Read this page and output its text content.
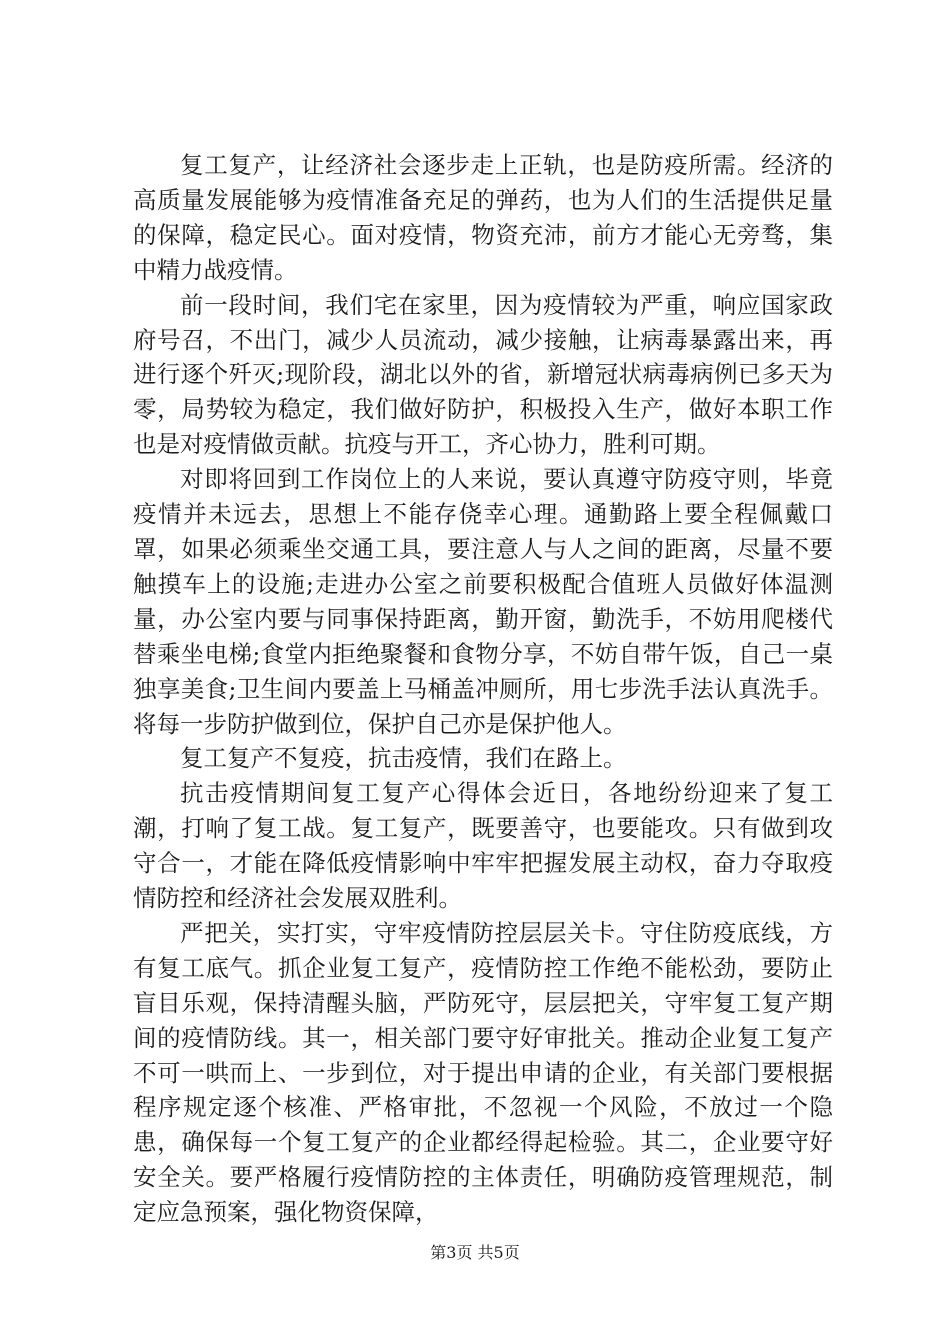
复工复产，让经济社会逐步走上正轨，也是防疫所需。经济的高质量发展能够为疫情准备充足的弹药，也为人们的生活提供足量的保障，稳定民心。面对疫情，物资充沛，前方才能心无旁骛，集中精力战疫情。

前一段时间，我们宅在家里，因为疫情较为严重，响应国家政府号召，不出门，减少人员流动，减少接触，让病毒暴露出来，再进行逐个歼灭;现阶段，湖北以外的省，新增冠状病毒病例已多天为零，局势较为稳定，我们做好防护，积极投入生产，做好本职工作也是对疫情做贡献。抗疫与开工，齐心协力，胜利可期。

对即将回到工作岗位上的人来说，要认真遵守防疫守则，毕竟疫情并未远去，思想上不能存侥幸心理。通勤路上要全程佩戴口罩，如果必须乘坐交通工具，要注意人与人之间的距离，尽量不要触摸车上的设施;走进办公室之前要积极配合值班人员做好体温测量，办公室内要与同事保持距离，勤开窗，勤洗手，不妨用爬楼代替乘坐电梯;食堂内拒绝聚餐和食物分享，不妨自带午饭，自己一桌独享美食;卫生间内要盖上马桶盖冲厕所，用七步洗手法认真洗手。将每一步防护做到位，保护自己亦是保护他人。

复工复产不复疫，抗击疫情，我们在路上。

抗击疫情期间复工复产心得体会近日，各地纷纷迎来了复工潮，打响了复工战。复工复产，既要善守，也要能攻。只有做到攻守合一，才能在降低疫情影响中牢牢把握发展主动权，奋力夺取疫情防控和经济社会发展双胜利。

严把关，实打实，守牢疫情防控层层关卡。守住防疫底线，方有复工底气。抓企业复工复产，疫情防控工作绝不能松劲，要防止盲目乐观，保持清醒头脑，严防死守，层层把关，守牢复工复产期间的疫情防线。其一，相关部门要守好审批关。推动企业复工复产不可一哄而上、一步到位，对于提出申请的企业，有关部门要根据程序规定逐个核准、严格审批，不忽视一个风险，不放过一个隐患，确保每一个复工复产的企业都经得起检验。其二，企业要守好安全关。要严格履行疫情防控的主体责任，明确防疫管理规范，制定应急预案，强化物资保障，

第3页 共5页
